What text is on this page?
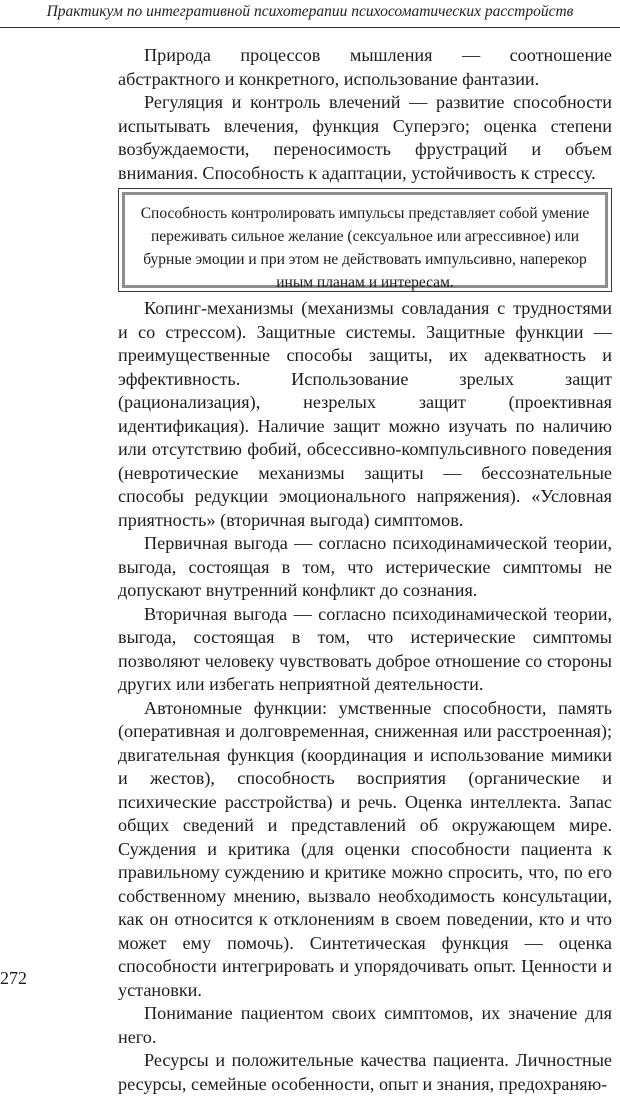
Практикум по интегративной психотерапии психосоматических расстройств

Природа процессов мышления — соотношение абстрактного и конкретного, использование фантазии.

Регуляция и контроль влечений — развитие способности испытывать влечения, функция Суперэго; оценка степени возбуждаемости, переносимость фрустраций и объем внимания. Способность к адаптации, устойчивость к стрессу.

Способность контролировать импульсы представляет собой умение переживать сильное желание (сексуальное или агрессивное) или бурные эмоции и при этом не действовать импульсивно, наперекор иным планам и интересам.

Копинг-механизмы (механизмы совладания с трудностями и со стрессом). Защитные системы. Защитные функции — преимущественные способы защиты, их адекватность и эффективность. Использование зрелых защит (рационализация), незрелых защит (проективная идентификация). Наличие защит можно изучать по наличию или отсутствию фобий, обсессивно-компульсивного поведения (невротические механизмы защиты — бессознательные способы редукции эмоционального напряжения). «Условная приятность» (вторичная выгода) симптомов.

Первичная выгода — согласно психодинамической теории, выгода, состоящая в том, что истерические симптомы не допускают внутренний конфликт до сознания.

Вторичная выгода — согласно психодинамической теории, выгода, состоящая в том, что истерические симптомы позволяют человеку чувствовать доброе отношение со стороны других или избегать неприятной деятельности.

Автономные функции: умственные способности, память (оперативная и долговременная, сниженная или расстроенная); двигательная функция (координация и использование мимики и жестов), способность восприятия (органические и психические расстройства) и речь. Оценка интеллекта. Запас общих сведений и представлений об окружающем мире. Суждения и критика (для оценки способности пациента к правильному суждению и критике можно спросить, что, по его собственному мнению, вызвало необходимость консультации, как он относится к отклонениям в своем поведении, кто и что может ему помочь). Синтетическая функция — оценка способности интегрировать и упорядочивать опыт. Ценности и установки.

Понимание пациентом своих симптомов, их значение для него.

Ресурсы и положительные качества пациента. Личностные ресурсы, семейные особенности, опыт и знания, предохраняю-

272
